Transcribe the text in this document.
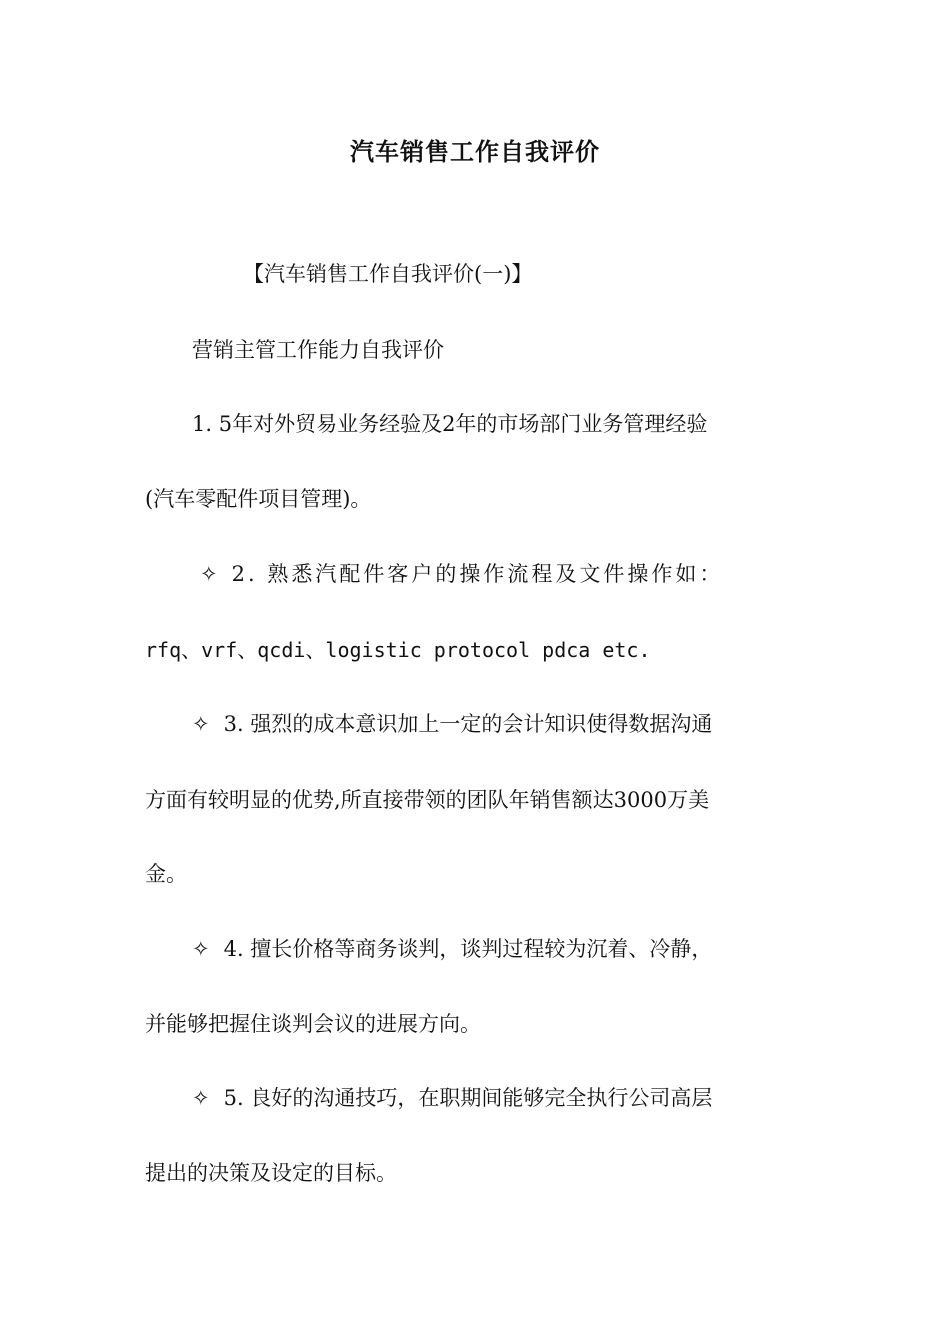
汽车销售工作自我评价
【汽车销售工作自我评价(一)】
营销主管工作能力自我评价
1. 5年对外贸易业务经验及2年的市场部门业务管理经验
(汽车零配件项目管理)。
✧ 2. 熟悉汽配件客户的操作流程及文件操作如：
rfq、vrf、qcdi、logistic protocol pdca etc.
✧ 3. 强烈的成本意识加上一定的会计知识使得数据沟通
方面有较明显的优势,所直接带领的团队年销售额达3000万美
金。
✧ 4. 擅长价格等商务谈判，谈判过程较为沉着、冷静，
并能够把握住谈判会议的进展方向。
✧ 5. 良好的沟通技巧，在职期间能够完全执行公司高层
提出的决策及设定的目标。
